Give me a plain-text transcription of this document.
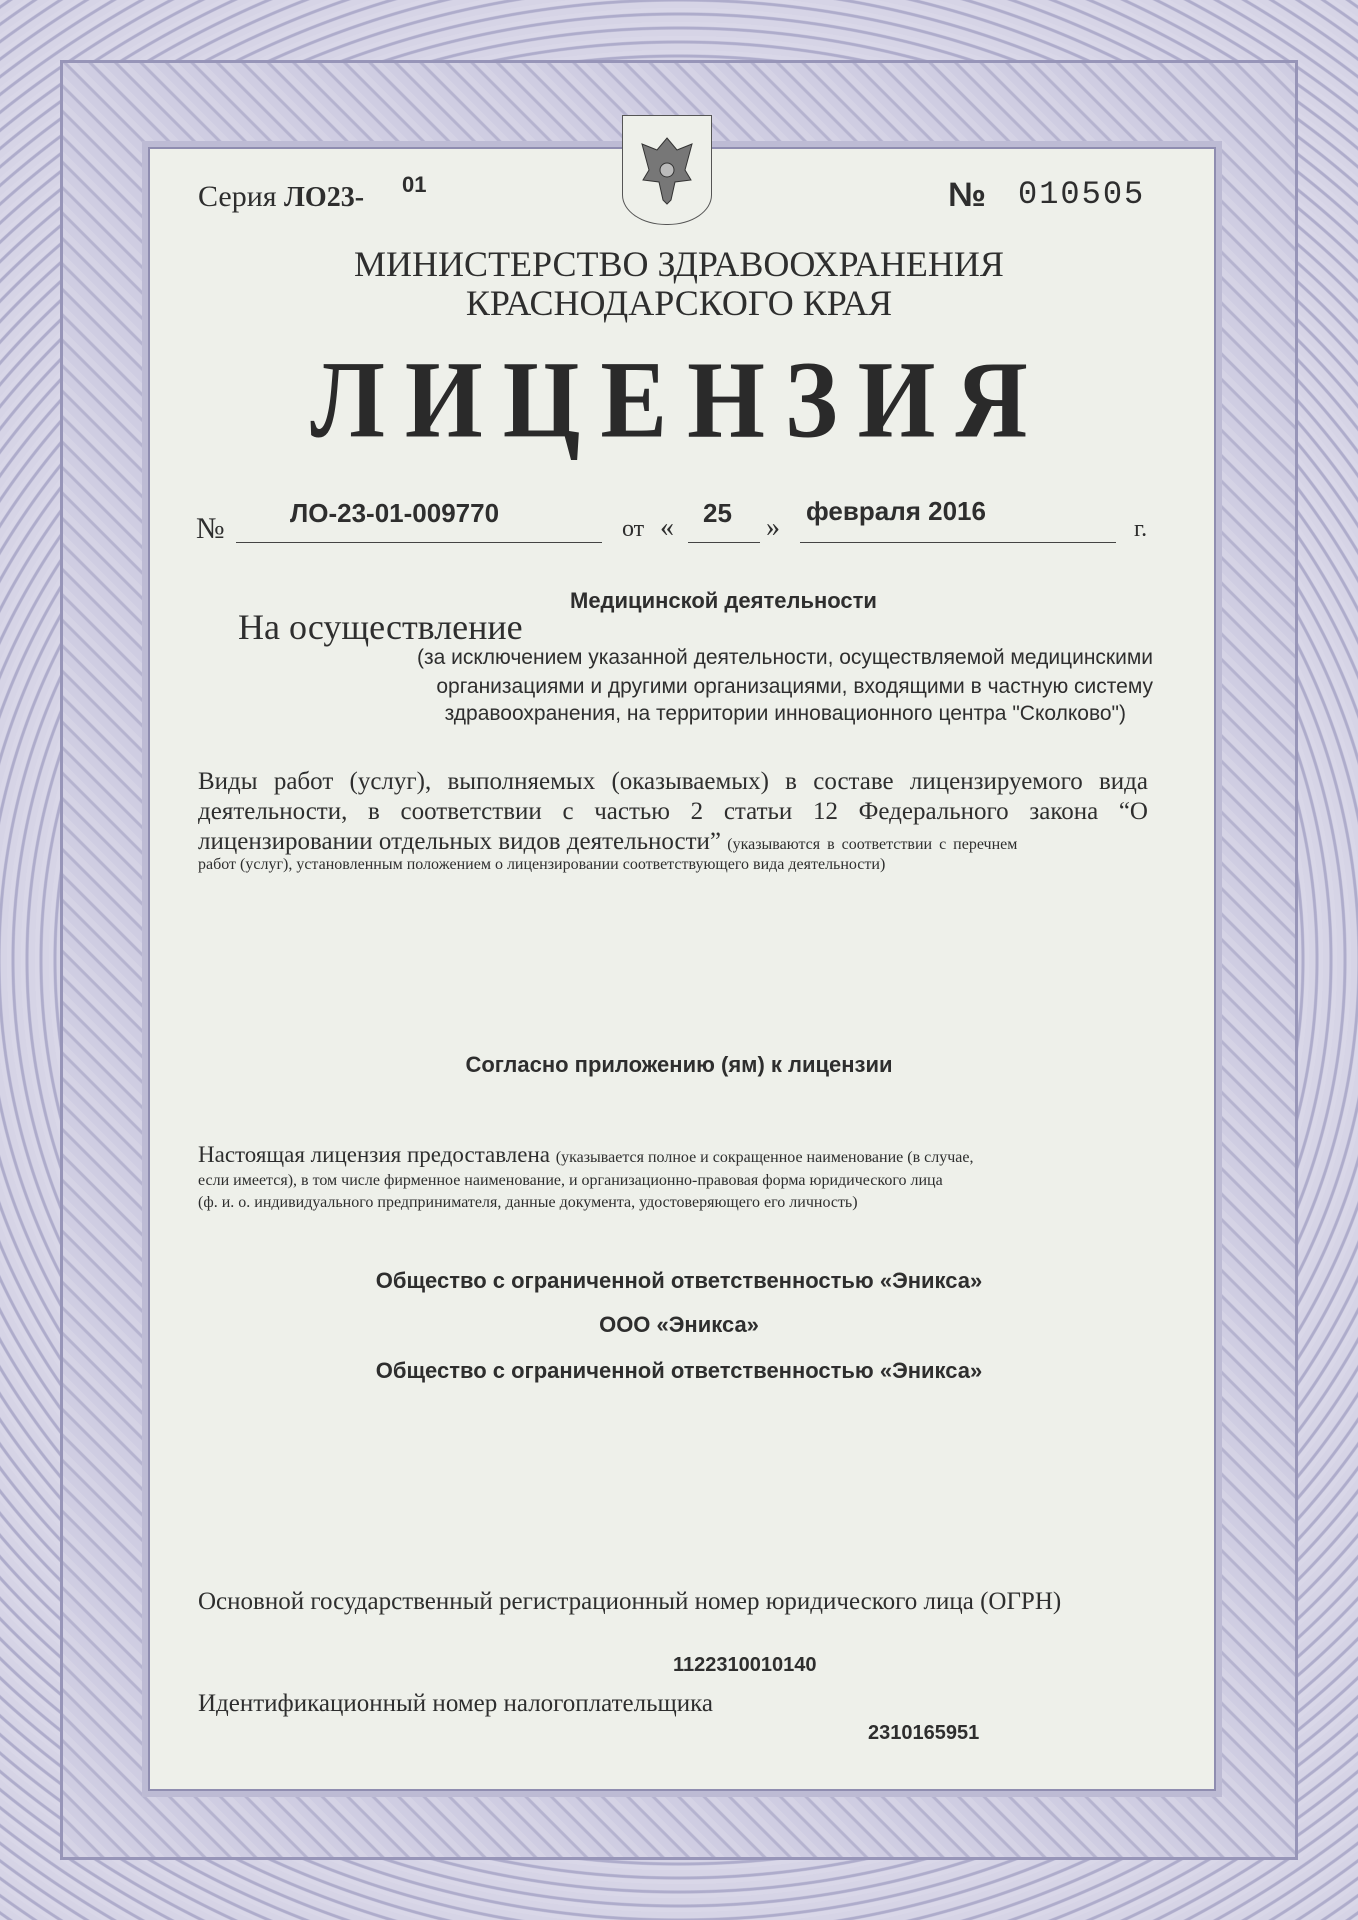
Серия ЛО23- 01	№ 010505
МИНИСТЕРСТВО ЗДРАВООХРАНЕНИЯ
КРАСНОДАРСКОГО КРАЯ
ЛИЦЕНЗИЯ
№	ЛО-23-01-009770
от « 25 »
февраля 2016
г.
Медицинской деятельности
На осуществление
(за исключением указанной деятельности, осуществляемой медицинскими
организациями и другими организациями, входящими в частную систему
здравоохранения, на территории инновационного центра "Сколково")
Виды работ (услуг), выполняемых (оказываемых) в составе лицензируемого вида
деятельности, в соответствии с частью 2 статьи 12 Федерального закона “О
лицензировании отдельных видов деятельности” (указываются в соответствии с перечнем
работ (услуг), установленным положением о лицензировании соответствующего вида деятельности)
Согласно приложению (ям) к лицензии
Настоящая лицензия предоставлена (указывается полное и сокращенное наименование (в случае,
если имеется), в том числе фирменное наименование, и организационно-правовая форма юридического лица
(ф. и. о. индивидуального предпринимателя, данные документа, удостоверяющего его личность)
Общество с ограниченной ответственностью «Эникса»
ООО «Эникса»
Общество с ограниченной ответственностью «Эникса»
Основной государственный регистрационный номер юридического лица (ОГРН)
1122310010140
Идентификационный номер налогоплательщика
2310165951
